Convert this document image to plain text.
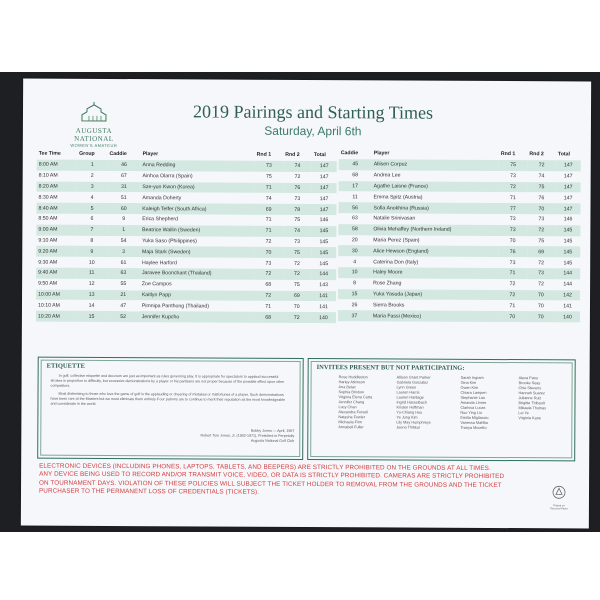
AUGUSTA NATIONAL
WOMEN'S AMATEUR
2019 Pairings and Starting Times
Saturday, April 6th
Tee Time	Group	Caddie	Player	Rnd 1	Rnd 2	Total
8:00 AM	1	46	Anna Redding	73	74	147
8:10 AM	2	67	Ainhoa Olarra (Spain)	75	72	147
8:20 AM	3	31	Sze-yun Kwon (Korea)	71	76	147
8:30 AM	4	51	Amanda Doherty	74	73	147
8:40 AM	5	60	Kaleigh Telfer (South Africa)	69	78	147
8:50 AM	6	9	Erica Shepherd	71	75	146
9:00 AM	7	1	Beatrice Wallin (Sweden)	71	74	145
9:10 AM	8	54	Yuka Saso (Philippines)	72	73	145
9:20 AM	9	3	Maja Stark (Sweden)	70	75	145
9:30 AM	10	61	Haylee Harford	73	72	145
9:40 AM	11	63	Jaravee Boonchant (Thailand)	72	72	144
9:50 AM	12	55	Zoe Campos	68	75	143
10:00 AM	13	21	Kaitlyn Papp	72	69	141
10:10 AM	14	47	Pimnipa Panthong (Thailand)	71	70	141
10:20 AM	15	52	Jennifer Kupcho	68	72	140
Caddie	Player	Rnd 1	Rnd 2	Total
45	Allisen Corpuz	75	72	147
68	Andrea Lee	73	74	147
17	Agathe Laisne (France)	72	75	147
11	Emma Spitz (Austria)	71	76	147
56	Sofia Anokhina (Russia)	77	70	147
63	Natalie Srinivasan	73	73	146
58	Olivia Mehaffey (Northern Ireland)	73	72	145
20	Maria Perez (Spain)	70	75	145
30	Alice Hewson (England)	76	69	145
4	Caterina Don (Italy)	73	72	145
10	Haley Moore	71	73	144
8	Rose Zhang	72	72	144
15	Yuka Yasuda (Japan)	72	70	142
26	Sierra Brooks	71	70	141
37	Maria Fassi (Mexico)	70	70	140
ETIQUETTE

In golf, collective etiquette and decorum are just as important as rules governing play. It is appropriate for spectators to applaud successful strokes in proportion to difficulty, but excessive demonstrations by a player or his partisans are not proper because of the possible effect upon other competitors.

Most distressing to those who love the game of golf is the applauding or cheering of mistakes or misfortunes of a player. Such demonstrations have been rare at the Masters but we must eliminate them entirely if our patrons are to continue to merit their reputation as the most knowledgeable and considerate in the world.

Bobby Jones — April, 1967
Robert Tyre Jones, Jr. (1902-1971), President in Perpetuity
Augusta National Golf Club
INVITEES PRESENT BUT NOT PARTICIPATING:
Rose Huddleston
Harley Atkinson
Ana Belac
Sophia Bristow
Virginia Elena Carta
Jennifer Chang
Lucy Chan
Alexandra Forsell
Natasha Fowler
Michaela Finn
Annabell Fuller
Allisen Grant Parker
Gabriela Gonzalez
Lynn Green
Lauren Harris
Lauren Hartlage
Ingrid Hasselbach
Kristen Hoffman
Yu-Chiang Hou
Ye Jung Kim
Lily May Humphreys
Jeeno Thitikul
Sarah Ingram
Gina Kim
Gwen Kim
Chiara Lampen
Stephanie Lau
Amanda Linner
Clarissa Lucas
Nuo Ying Liu
Emilia Migliaccio
Vanessa Mahlke
Tranya Mocetto
Alexa Pano
Brooke Seay
Chie Stevens
Hannah Suarez
Julianne Ruiz
Brigitte Thibault
Mikaela Tholnas
Lei Ye
Virginia Kane
ELECTRONIC DEVICES (INCLUDING PHONES, LAPTOPS, TABLETS, AND BEEPERS) ARE STRICTLY PROHIBITED ON THE GROUNDS AT ALL TIMES.
ANY DEVICE BEING USED TO RECORD AND/OR TRANSMIT VOICE, VIDEO, OR DATA IS STRICTLY PROHIBITED. CAMERAS ARE STRICTLY PROHIBITED
ON TOURNAMENT DAYS. VIOLATION OF THESE POLICIES WILL SUBJECT THE TICKET HOLDER TO REMOVAL FROM THE GROUNDS AND THE TICKET
PURCHASER TO THE PERMANENT LOSS OF CREDENTIALS (TICKETS).
Printed on
Recycled Paper
